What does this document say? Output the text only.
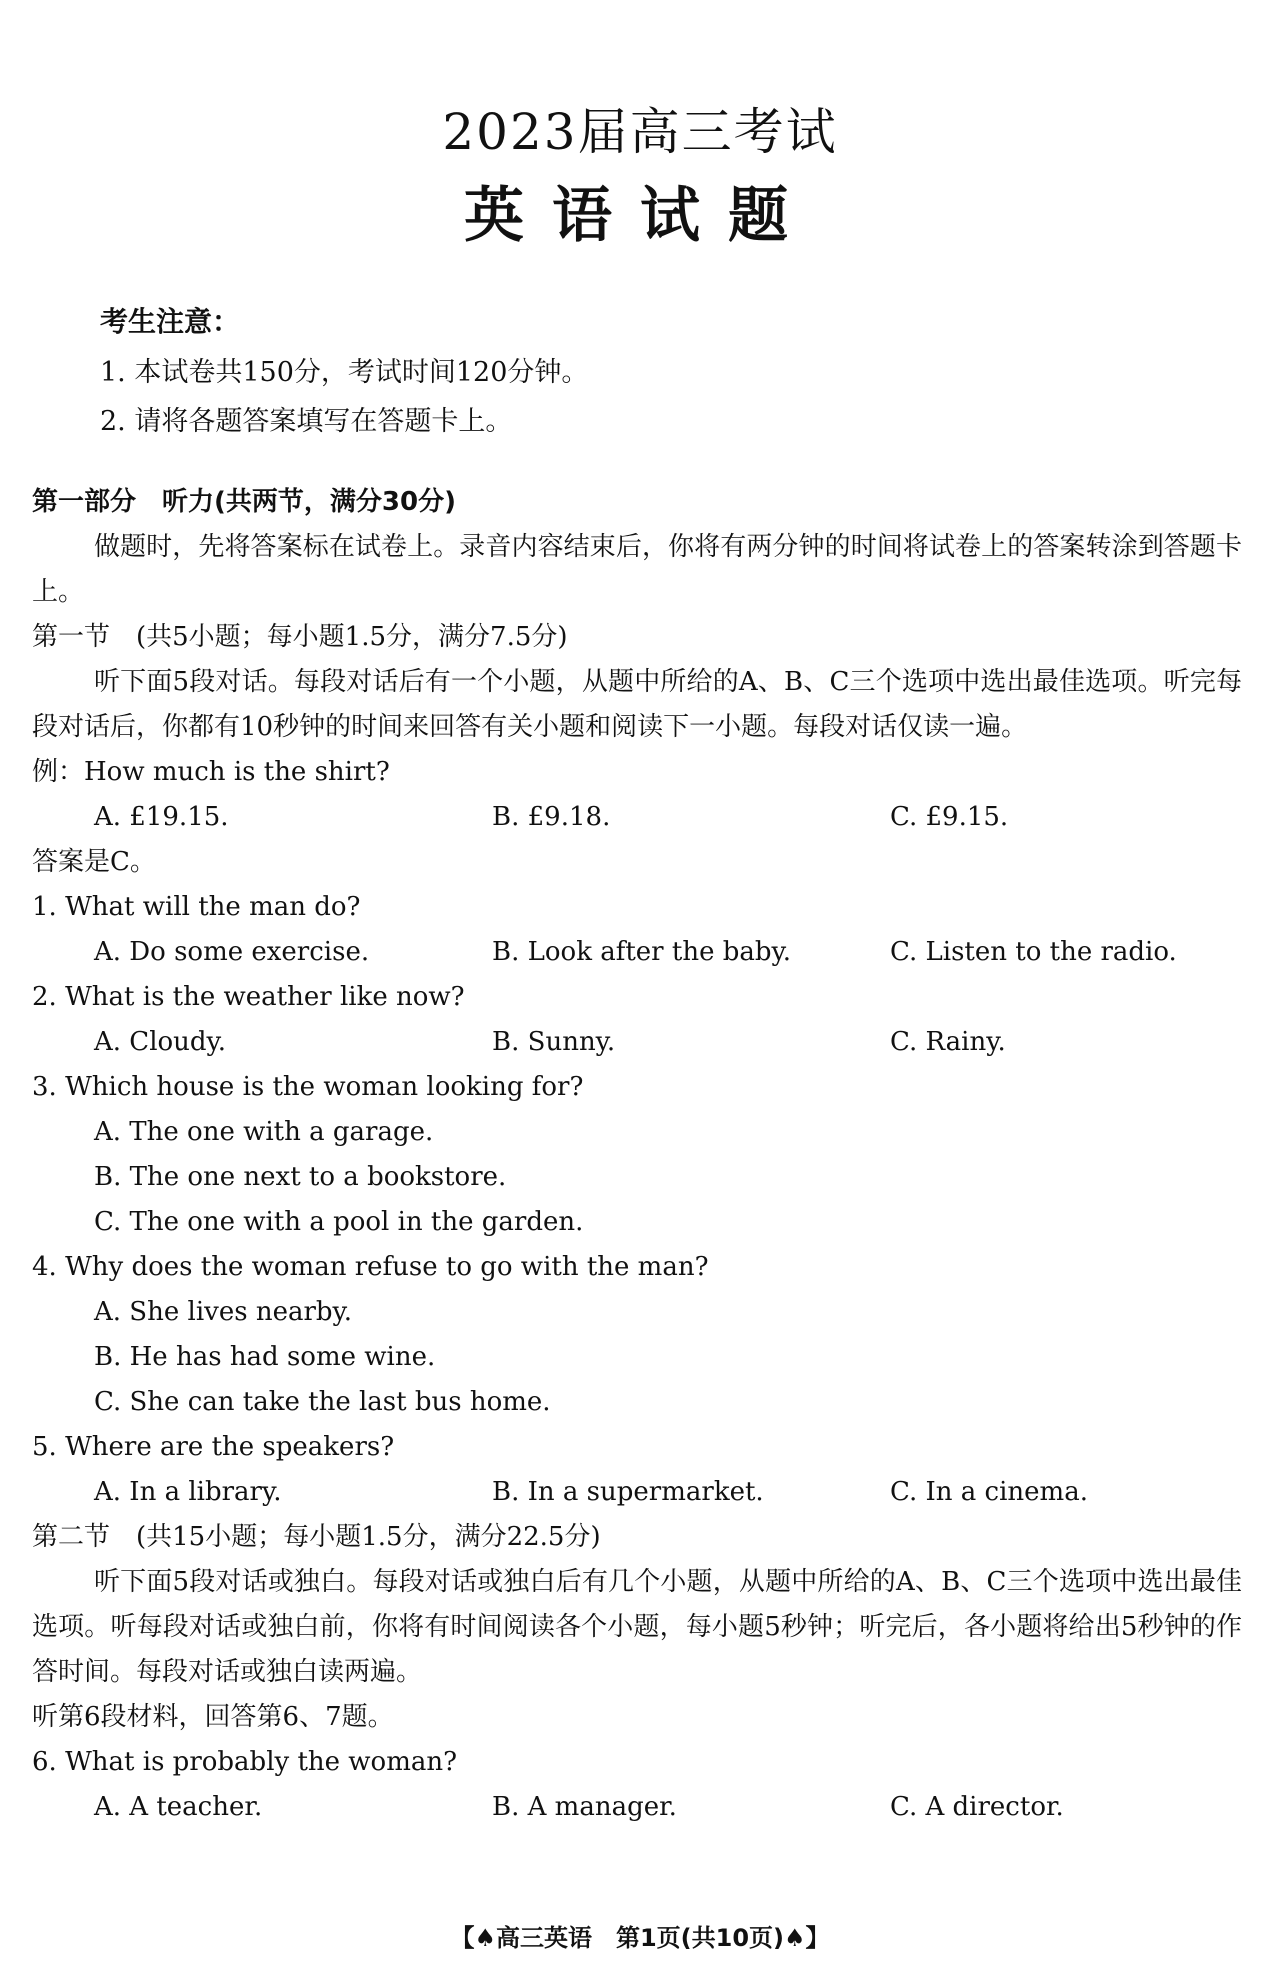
2023届高三考试
英语试题
考生注意：
1. 本试卷共150分，考试时间120分钟。
2. 请将各题答案填写在答题卡上。
第一部分　听力(共两节，满分30分)
做题时，先将答案标在试卷上。录音内容结束后，你将有两分钟的时间将试卷上的答案转涂到答题卡上。
第一节　(共5小题；每小题1.5分，满分7.5分)
听下面5段对话。每段对话后有一个小题，从题中所给的A、B、C三个选项中选出最佳选项。听完每段对话后，你都有10秒钟的时间来回答有关小题和阅读下一小题。每段对话仅读一遍。
例：How much is the shirt?
A. £19.15.	B. £9.18.	C. £9.15.
答案是C。
1. What will the man do?
A. Do some exercise.	B. Look after the baby.	C. Listen to the radio.
2. What is the weather like now?
A. Cloudy.	B. Sunny.	C. Rainy.
3. Which house is the woman looking for?
A. The one with a garage.
B. The one next to a bookstore.
C. The one with a pool in the garden.
4. Why does the woman refuse to go with the man?
A. She lives nearby.
B. He has had some wine.
C. She can take the last bus home.
5. Where are the speakers?
A. In a library.	B. In a supermarket.	C. In a cinema.
第二节　(共15小题；每小题1.5分，满分22.5分)
听下面5段对话或独白。每段对话或独白后有几个小题，从题中所给的A、B、C三个选项中选出最佳选项。听每段对话或独白前，你将有时间阅读各个小题，每小题5秒钟；听完后，各小题将给出5秒钟的作答时间。每段对话或独白读两遍。
听第6段材料，回答第6、7题。
6. What is probably the woman?
A. A teacher.	B. A manager.	C. A director.
【♠高三英语　第1页(共10页)♠】
